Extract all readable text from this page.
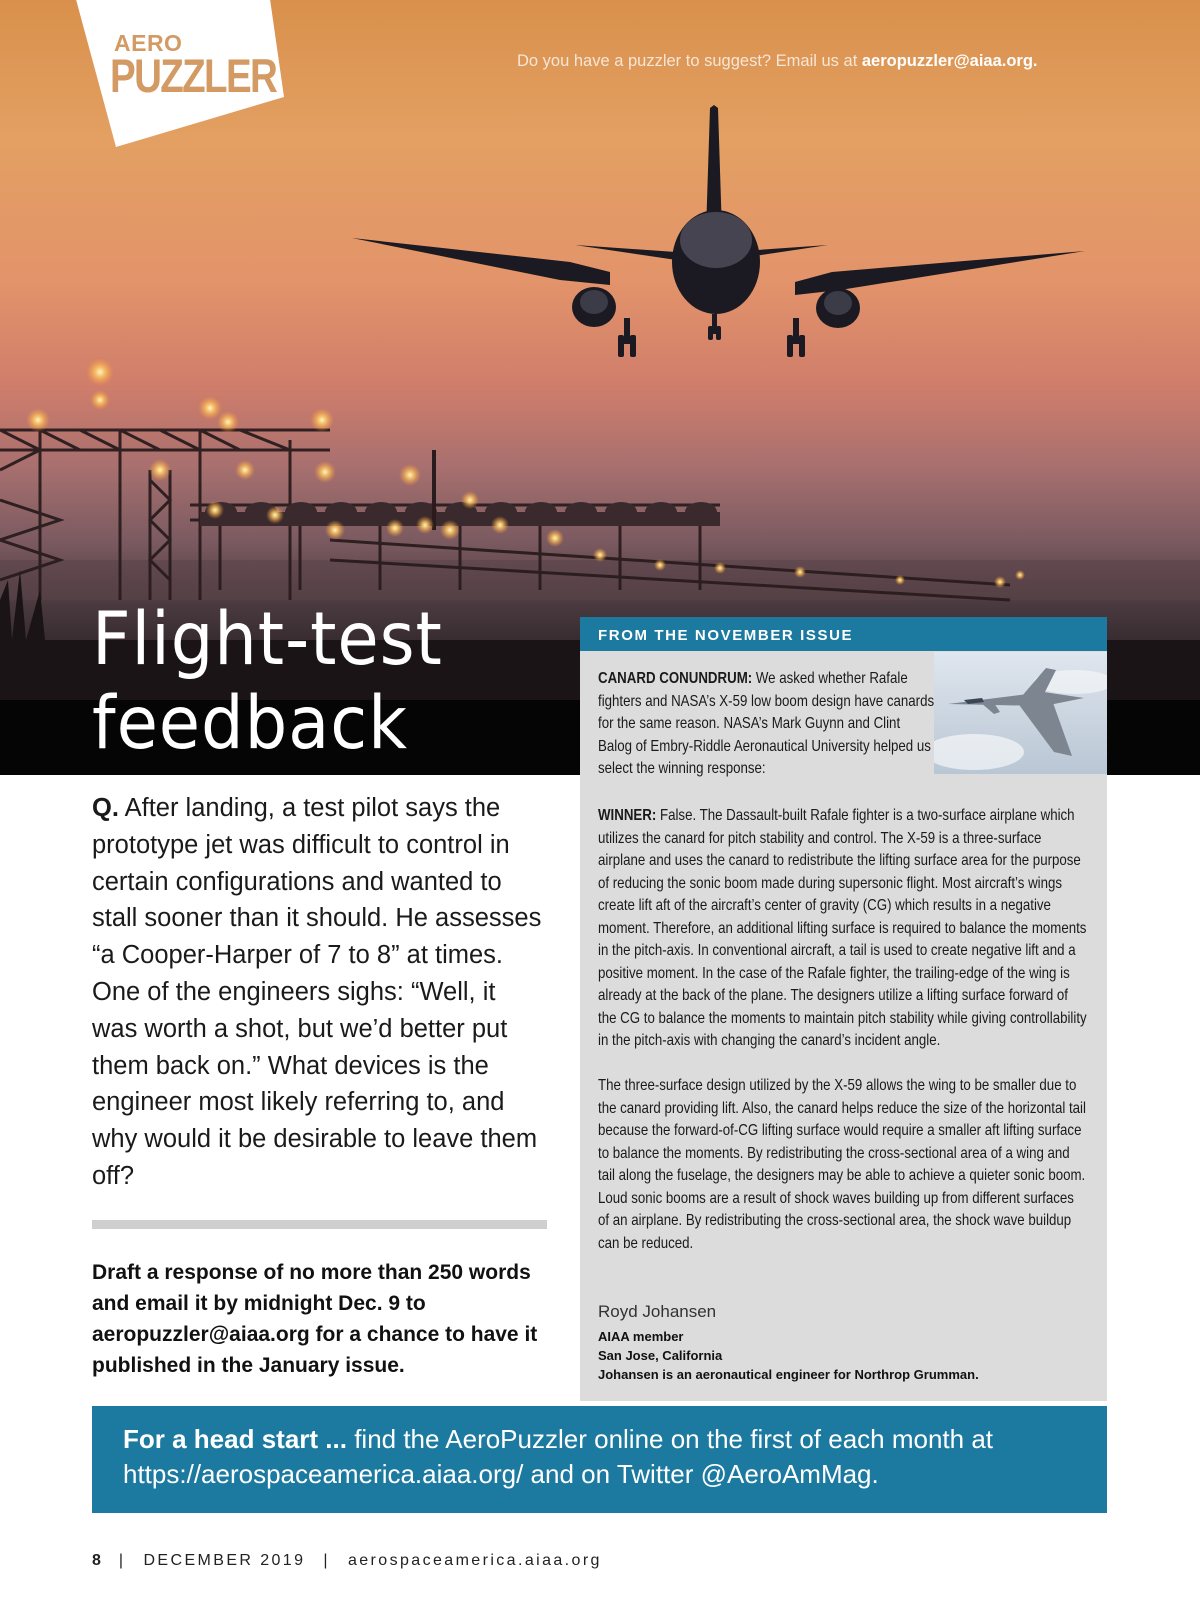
AERO
PUZZLER	Do you have a puzzler to suggest? Email us at aeropuzzler@aiaa.org.
Flight-test
feedback
FROM THE NOVEMBER ISSUE
CANARD CONUNDRUM: We asked whether Rafale fighters and NASA’s X-59 low boom design have canards for the same reason. NASA’s Mark Guynn and Clint Balog of Embry-Riddle Aeronautical University helped us select the winning response:

WINNER: False. The Dassault-built Rafale fighter is a two-surface airplane which utilizes the canard for pitch stability and control. The X-59 is a three-surface airplane and uses the canard to redistribute the lifting surface area for the purpose of reducing the sonic boom made during supersonic flight. Most aircraft’s wings create lift aft of the aircraft’s center of gravity (CG) which results in a negative moment. Therefore, an additional lifting surface is required to balance the moments in the pitch-axis. In conventional aircraft, a tail is used to create negative lift and a positive moment. In the case of the Rafale fighter, the trailing-edge of the wing is already at the back of the plane. The designers utilize a lifting surface forward of the CG to balance the moments to maintain pitch stability while giving controllability in the pitch-axis with changing the canard’s incident angle.

The three-surface design utilized by the X-59 allows the wing to be smaller due to the canard providing lift. Also, the canard helps reduce the size of the horizontal tail because the forward-of-CG lifting surface would require a smaller aft lifting surface to balance the moments. By redistributing the cross-sectional area of a wing and tail along the fuselage, the designers may be able to achieve a quieter sonic boom. Loud sonic booms are a result of shock waves building up from different surfaces of an airplane. By redistributing the cross-sectional area, the shock wave buildup can be reduced.

Royd Johansen
AIAA member
San Jose, California
Johansen is an aeronautical engineer for Northrop Grumman.
Q. After landing, a test pilot says the prototype jet was difficult to control in certain configurations and wanted to stall sooner than it should. He assesses “a Cooper-Harper of 7 to 8” at times. One of the engineers sighs: “Well, it was worth a shot, but we’d better put them back on.” What devices is the engineer most likely referring to, and why would it be desirable to leave them off?
Draft a response of no more than 250 words and email it by midnight Dec. 9 to aeropuzzler@aiaa.org for a chance to have it published in the January issue.
For a head start ... find the AeroPuzzler online on the first of each month at https://aerospaceamerica.aiaa.org/ and on Twitter @AeroAmMag.
8 | DECEMBER 2019 | aerospaceamerica.aiaa.org
